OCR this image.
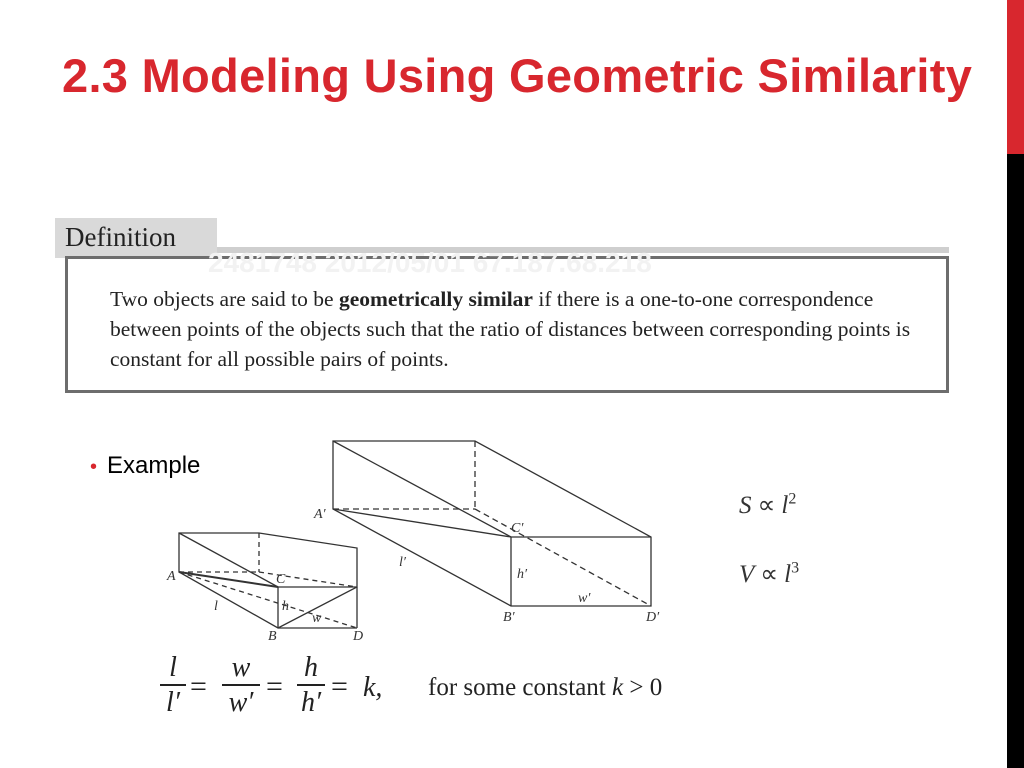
2.3 Modeling Using Geometric Similarity
Definition
2481748 2012/05/01 67.187.68.218

Two objects are said to be geometrically similar if there is a one-to-one correspondence between points of the objects such that the ratio of distances between corresponding points is constant for all possible pairs of points.

• Example
A	C
B	D
l	h
w
A′
C′
B′	D′
l′
h′
w′
$S \propto l^2$
$V \propto l^3$
l
l′ =
w
w′ =
h
h′ = k, for some constant k > 0
